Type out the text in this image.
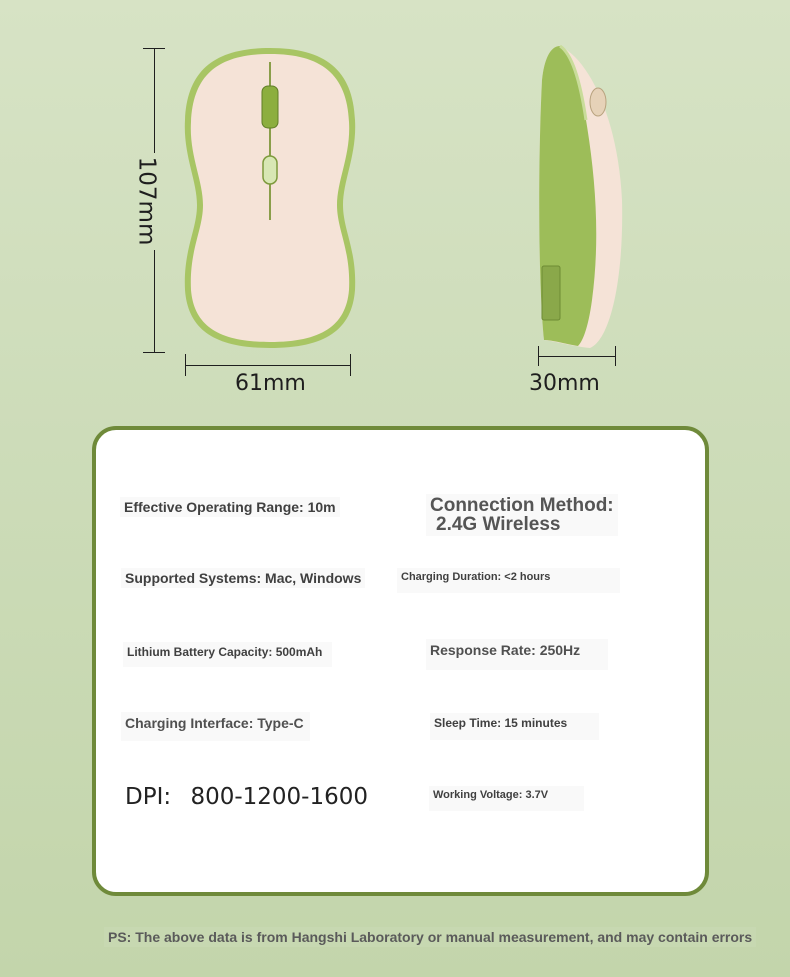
107mm
61mm	30mm
Effective Operating Range: 10m	Connection Method:
2.4G Wireless
Supported Systems: Mac, Windows	Charging Duration: <2 hours
Lithium Battery Capacity: 500mAh	Response Rate: 250Hz
Charging Interface: Type-C	Sleep Time: 15 minutes
DPI: 800-1200-1600	Working Voltage: 3.7V
PS: The above data is from Hangshi Laboratory or manual measurement, and may contain errors
